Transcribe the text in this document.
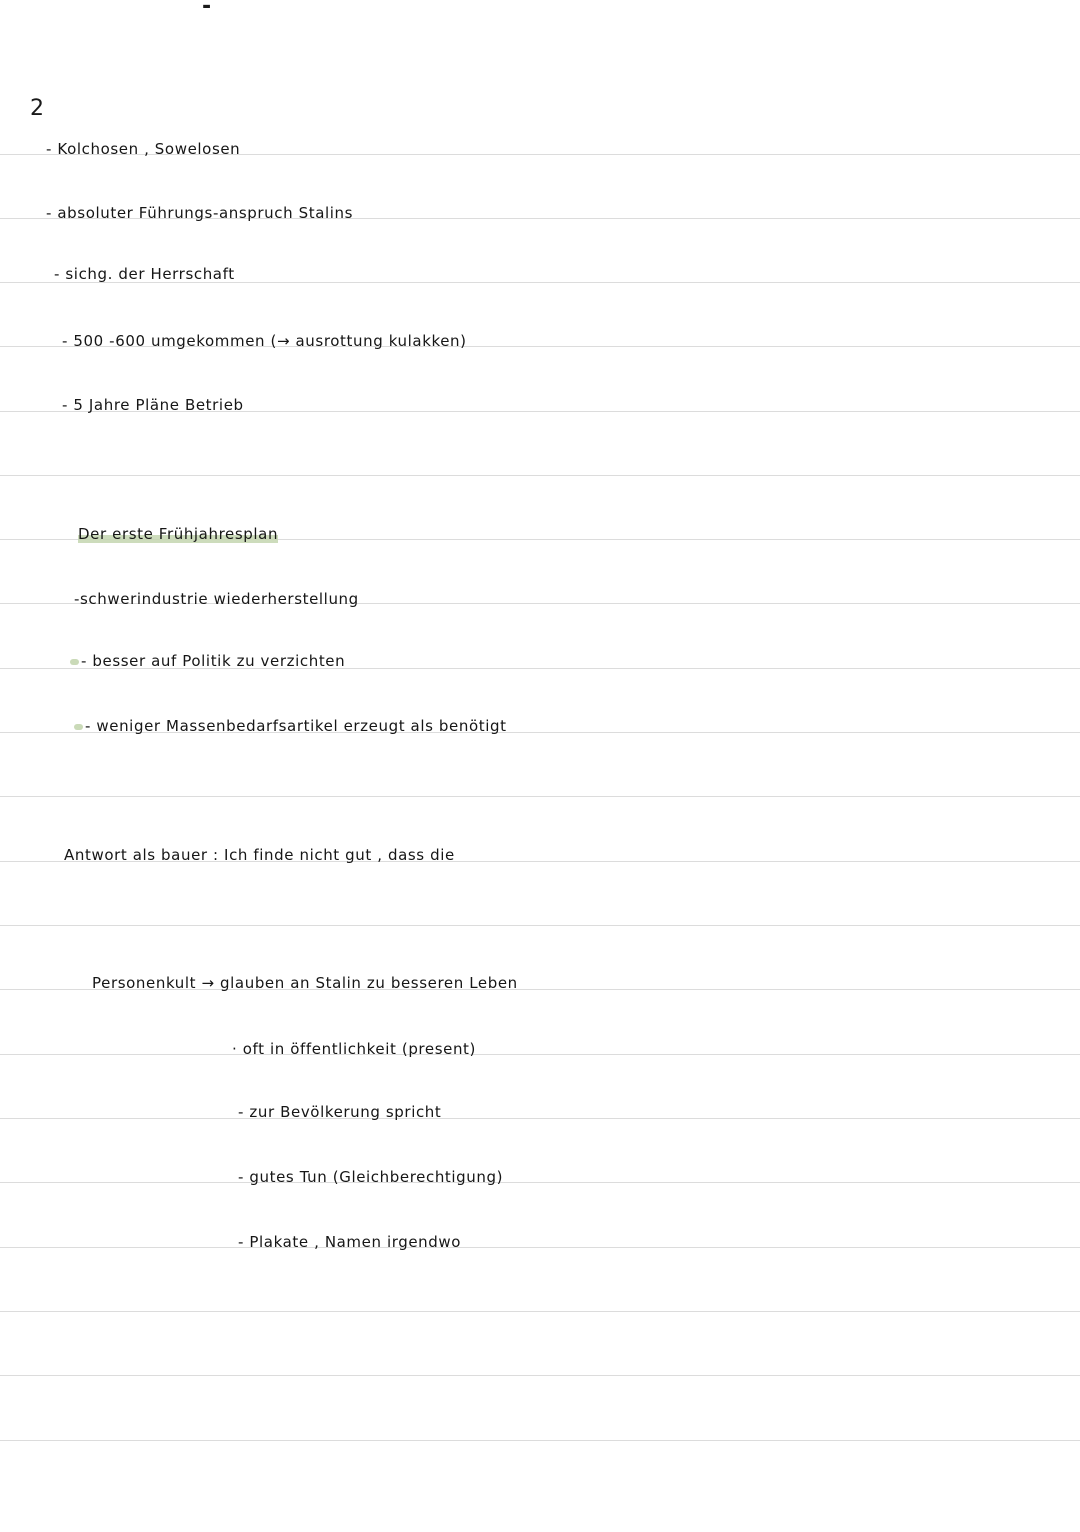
-
2
- Kolchosen , Sowelosen
- absoluter Führungs-anspruch Stalins
- sichg. der Herrschaft
- 500 -600 umgekommen (→ ausrottung kulakken)
- 5 Jahre Pläne Betrieb
Der erste Frühjahresplan
-schwerindustrie wiederherstellung
- besser auf Politik zu verzichten
- weniger Massenbedarfsartikel erzeugt als benötigt
Antwort als bauer : Ich finde nicht gut , dass die
Personenkult → glauben an Stalin zu besseren Leben
· oft in öffentlichkeit (present)
- zur Bevölkerung spricht
- gutes Tun (Gleichberechtigung)
- Plakate , Namen irgendwo
